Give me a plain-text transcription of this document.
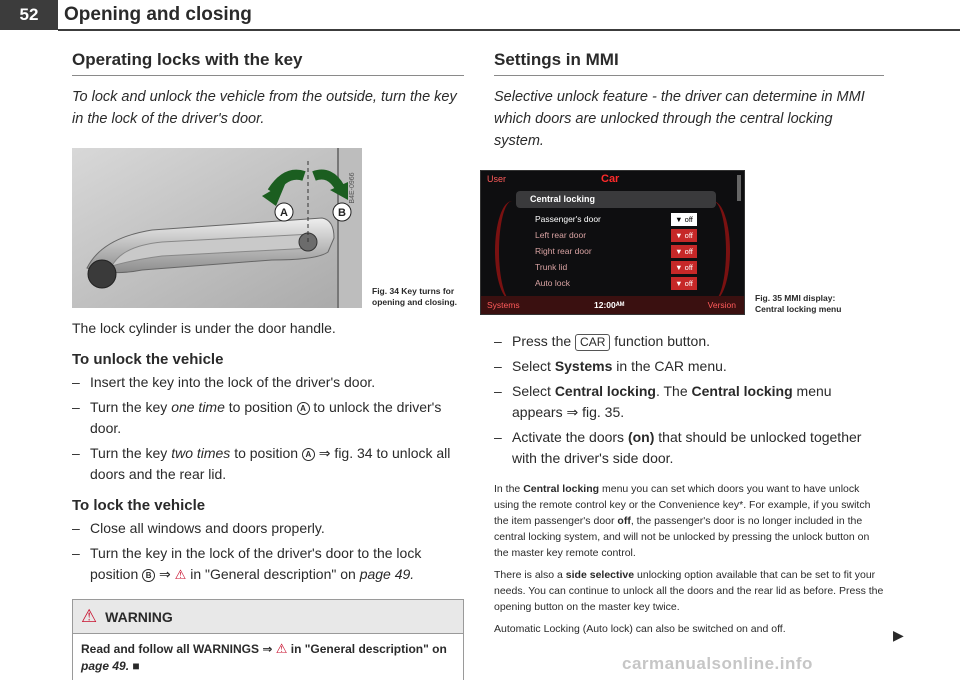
52	Opening and closing
Operating locks with the key

To lock and unlock the vehicle from the outside, turn the key in the lock of the driver's door.

A	B
B4E-0966
Fig. 34 Key turns for opening and closing.

The lock cylinder is under the door handle.

To unlock the vehicle
– Insert the key into the lock of the driver's door.
– Turn the key one time to position A to unlock the driver's door.
– Turn the key two times to position A ⇒ fig. 34 to unlock all doors and the rear lid.
To lock the vehicle
– Close all windows and doors properly.
– Turn the key in the lock of the driver's door to the lock position B ⇒ ⚠ in "General description" on page 49.
⚠ WARNING
Read and follow all WARNINGS ⇒ ⚠ in "General description" on page 49. ■
Settings in MMI

Selective unlock feature - the driver can determine in MMI which doors are unlocked through the central locking system.

User	Car
Central locking
Passenger's door	▼ off
Left rear door	▼ off
Right rear door	▼ off
Trunk lid	▼ off
Auto lock	▼ off
Systems	12:00ᴬᴹ	Version
Fig. 35 MMI display: Central locking menu
– Press the CAR function button.
– Select Systems in the CAR menu.
– Select Central locking. The Central locking menu appears ⇒ fig. 35.
– Activate the doors (on) that should be unlocked together with the driver's side door.

In the Central locking menu you can set which doors you want to have unlock using the remote control key or the Convenience key*. For example, if you switch the item passenger's door off, the passenger's door is no longer included in the central locking system, and will not be unlocked by pressing the unlock button on the master key remote control.

There is also a side selective unlocking option available that can be set to fit your needs. You can continue to unlock all the doors and the rear lid as before. Press the opening button on the master key twice.

Automatic Locking (Auto lock) can also be switched on and off.	▶
carmanualsonline.info
